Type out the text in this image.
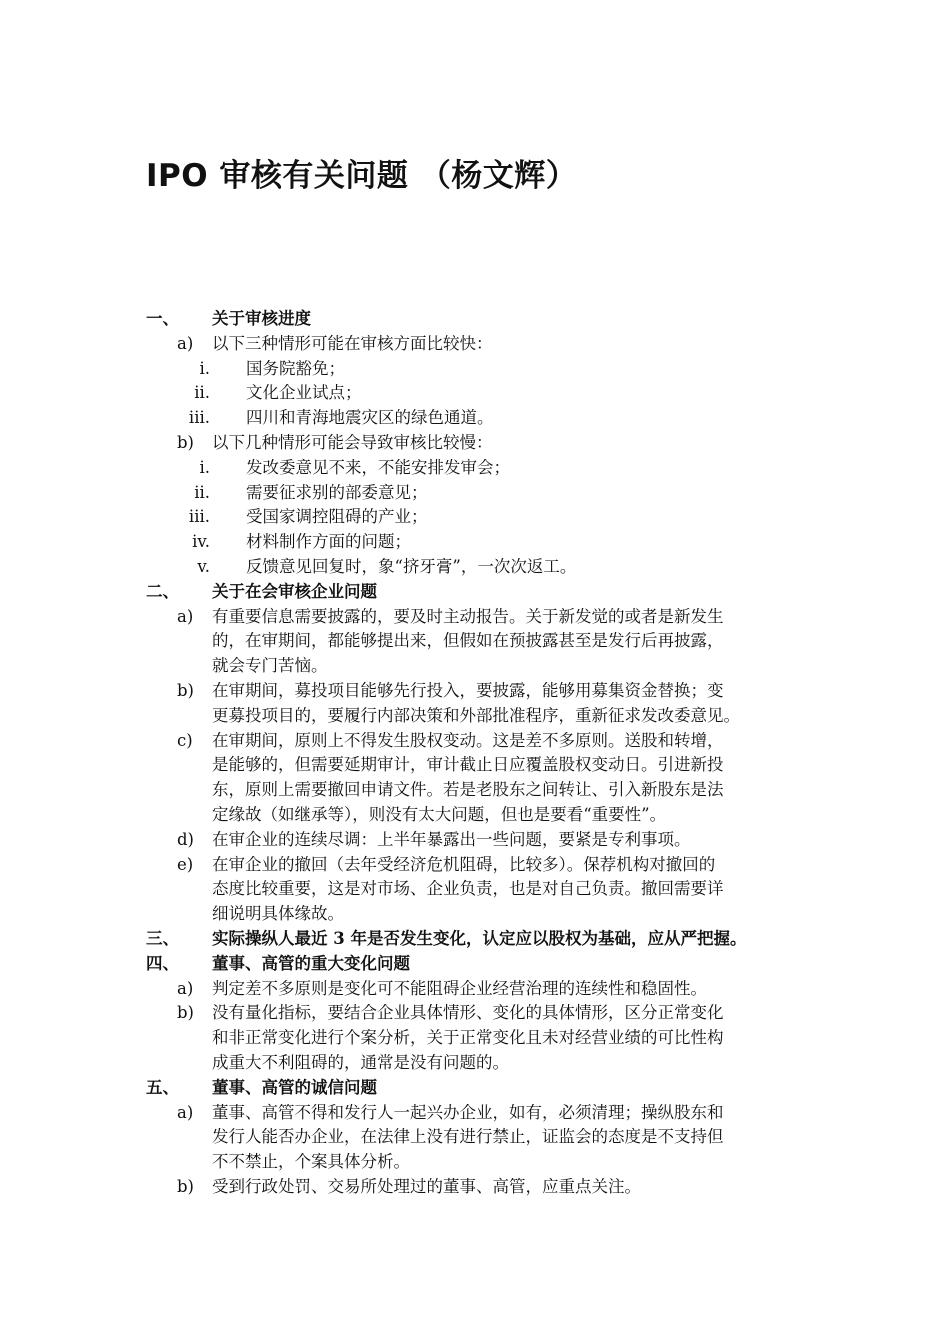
IPO 审核有关问题 （杨文辉）
一、 关于审核进度
a) 以下三种情形可能在审核方面比较快：
i. 国务院豁免；
ii. 文化企业试点；
iii. 四川和青海地震灾区的绿色通道。
b) 以下几种情形可能会导致审核比较慢：
i. 发改委意见不来，不能安排发审会；
ii. 需要征求别的部委意见；
iii. 受国家调控阻碍的产业；
iv. 材料制作方面的问题；
v. 反馈意见回复时，象“挤牙膏”，一次次返工。
二、 关于在会审核企业问题
a) 有重要信息需要披露的，要及时主动报告。关于新发觉的或者是新发生
的，在审期间，都能够提出来，但假如在预披露甚至是发行后再披露，
就会专门苦恼。
b) 在审期间，募投项目能够先行投入，要披露，能够用募集资金替换；变
更募投项目的，要履行内部决策和外部批准程序，重新征求发改委意见。
c) 在审期间，原则上不得发生股权变动。这是差不多原则。送股和转增，
是能够的，但需要延期审计，审计截止日应覆盖股权变动日。引进新投
东，原则上需要撤回申请文件。若是老股东之间转让、引入新股东是法
定缘故（如继承等），则没有太大问题，但也是要看“重要性”。
d) 在审企业的连续尽调：上半年暴露出一些问题，要紧是专利事项。
e) 在审企业的撤回（去年受经济危机阻碍，比较多）。保荐机构对撤回的
态度比较重要，这是对市场、企业负责，也是对自己负责。撤回需要详
细说明具体缘故。
三、 实际操纵人最近 3 年是否发生变化，认定应以股权为基础，应从严把握。
四、 董事、高管的重大变化问题
a) 判定差不多原则是变化可不能阻碍企业经营治理的连续性和稳固性。
b) 没有量化指标，要结合企业具体情形、变化的具体情形，区分正常变化
和非正常变化进行个案分析，关于正常变化且未对经营业绩的可比性构
成重大不利阻碍的，通常是没有问题的。
五、 董事、高管的诚信问题
a) 董事、高管不得和发行人一起兴办企业，如有，必须清理；操纵股东和
发行人能否办企业，在法律上没有进行禁止，证监会的态度是不支持但
不不禁止，个案具体分析。
b) 受到行政处罚、交易所处理过的董事、高管，应重点关注。
